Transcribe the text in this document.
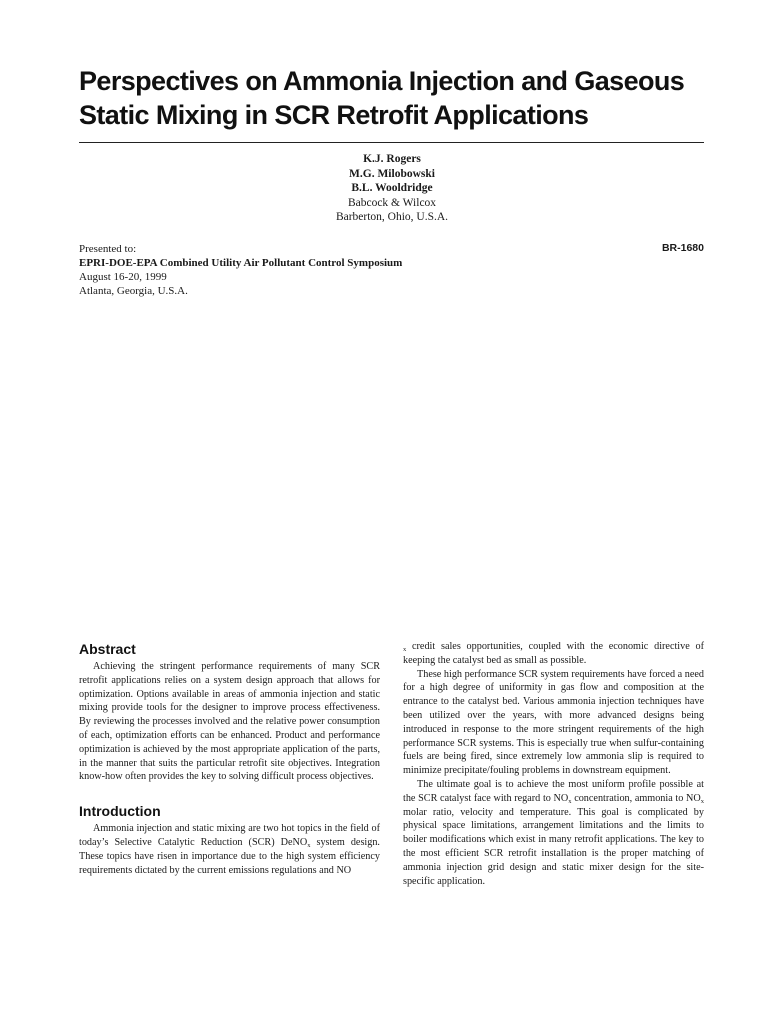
Perspectives on Ammonia Injection and Gaseous Static Mixing in SCR Retrofit Applications
K.J. Rogers
M.G. Milobowski
B.L. Wooldridge
Babcock & Wilcox
Barberton, Ohio, U.S.A.
Presented to:
EPRI-DOE-EPA Combined Utility Air Pollutant Control Symposium
August 16-20, 1999
Atlanta, Georgia, U.S.A.
BR-1680
Abstract

Achieving the stringent performance requirements of many SCR retrofit applications relies on a system design approach that allows for optimization. Options available in areas of ammonia injection and static mixing provide tools for the designer to improve process effectiveness. By reviewing the processes involved and the relative power consumption of each, optimization efforts can be enhanced. Product and performance optimization is achieved by the most appropriate application of the parts, in the manner that suits the particular retrofit site objectives. Integration know-how often provides the key to solving difficult process objectives.

Introduction

Ammonia injection and static mixing are two hot topics in the field of today’s Selective Catalytic Reduction (SCR) DeNO$_x$ system design. These topics have risen in importance due to the high system efficiency requirements dictated by the current emissions regulations and NO

$_x$ credit sales opportunities, coupled with the economic directive of keeping the catalyst bed as small as possible.

These high performance SCR system requirements have forced a need for a high degree of uniformity in gas flow and composition at the entrance to the catalyst bed. Various ammonia injection techniques have been utilized over the years, with more advanced designs being introduced in response to the more stringent requirements of the high performance SCR systems. This is especially true when sulfur-containing fuels are being fired, since extremely low ammonia slip is required to minimize precipitate/fouling problems in downstream equipment.

The ultimate goal is to achieve the most uniform profile possible at the SCR catalyst face with regard to $NO_x$ concentration, ammonia to $NO_x$ molar ratio, velocity and temperature. This goal is complicated by physical space limitations, arrangement limitations and the limits to boiler modifications which exist in many retrofit applications. The key to the most efficient SCR retrofit installation is the proper matching of ammonia injection grid design and static mixer design for the site-specific application.
